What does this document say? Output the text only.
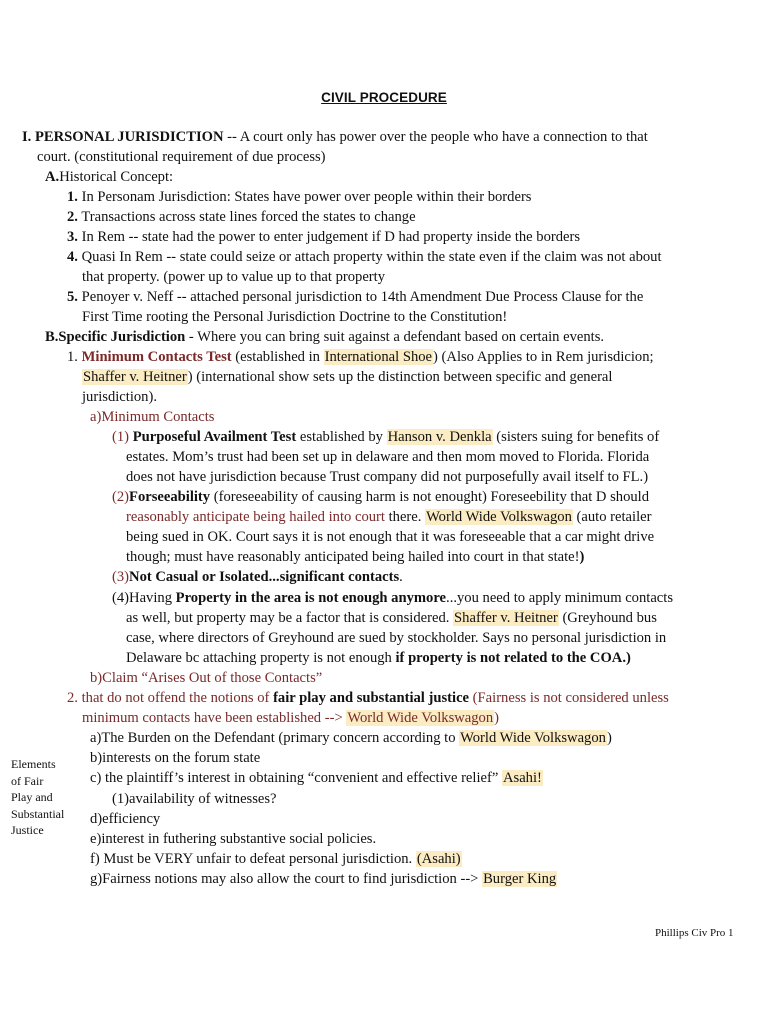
CIVIL PROCEDURE
I. PERSONAL JURISDICTION -- A court only has power over the people who have a connection to that
court. (constitutional requirement of due process)
A.Historical Concept:
1. In Personam Jurisdiction: States have power over people within their borders
2. Transactions across state lines forced the states to change
3. In Rem -- state had the power to enter judgement if D had property inside the borders
4. Quasi In Rem -- state could seize or attach property within the state even if the claim was not about
that property. (power up to value up to that property
5. Penoyer v. Neff -- attached personal jurisdiction to 14th Amendment Due Process Clause for the
First Time rooting the Personal Jurisdiction Doctrine to the Constitution!
B.Specific Jurisdiction - Where you can bring suit against a defendant based on certain events.
1. Minimum Contacts Test (established in International Shoe) (Also Applies to in Rem jurisdicion;
Shaffer v. Heitner) (international show sets up the distinction between specific and general
jurisdiction).
a)Minimum Contacts
(1) Purposeful Availment Test established by Hanson v. Denkla (sisters suing for benefits of
estates. Mom’s trust had been set up in delaware and then mom moved to Florida. Florida
does not have jurisdiction because Trust company did not purposefully avail itself to FL.)
(2)Forseeability (foreseeability of causing harm is not enought) Foreseebility that D should
reasonably anticipate being hailed into court there. World Wide Volkswagon (auto retailer
being sued in OK. Court says it is not enough that it was foreseeable that a car might drive
though; must have reasonably anticipated being hailed into court in that state!)
(3)Not Casual or Isolated...significant contacts.
(4)Having Property in the area is not enough anymore...you need to apply minimum contacts
as well, but property may be a factor that is considered. Shaffer v. Heitner (Greyhound bus
case, where directors of Greyhound are sued by stockholder. Says no personal jurisdiction in
Delaware bc attaching property is not enough if property is not related to the COA.)
b)Claim “Arises Out of those Contacts”
2. that do not offend the notions of fair play and substantial justice (Fairness is not considered unless
minimum contacts have been established --> World Wide Volkswagon)
a)The Burden on the Defendant (primary concern according to World Wide Volkswagon)
b)interests on the forum state
c) the plaintiff’s interest in obtaining “convenient and effective relief” Asahi!
(1)availability of witnesses?
d)efficiency
e)interest in futhering substantive social policies.
f) Must be VERY unfair to defeat personal jurisdiction. (Asahi)
g)Fairness notions may also allow the court to find jurisdiction --> Burger King
Elements
of Fair
Play and
Substantial
Justice
Phillips Civ Pro 1
